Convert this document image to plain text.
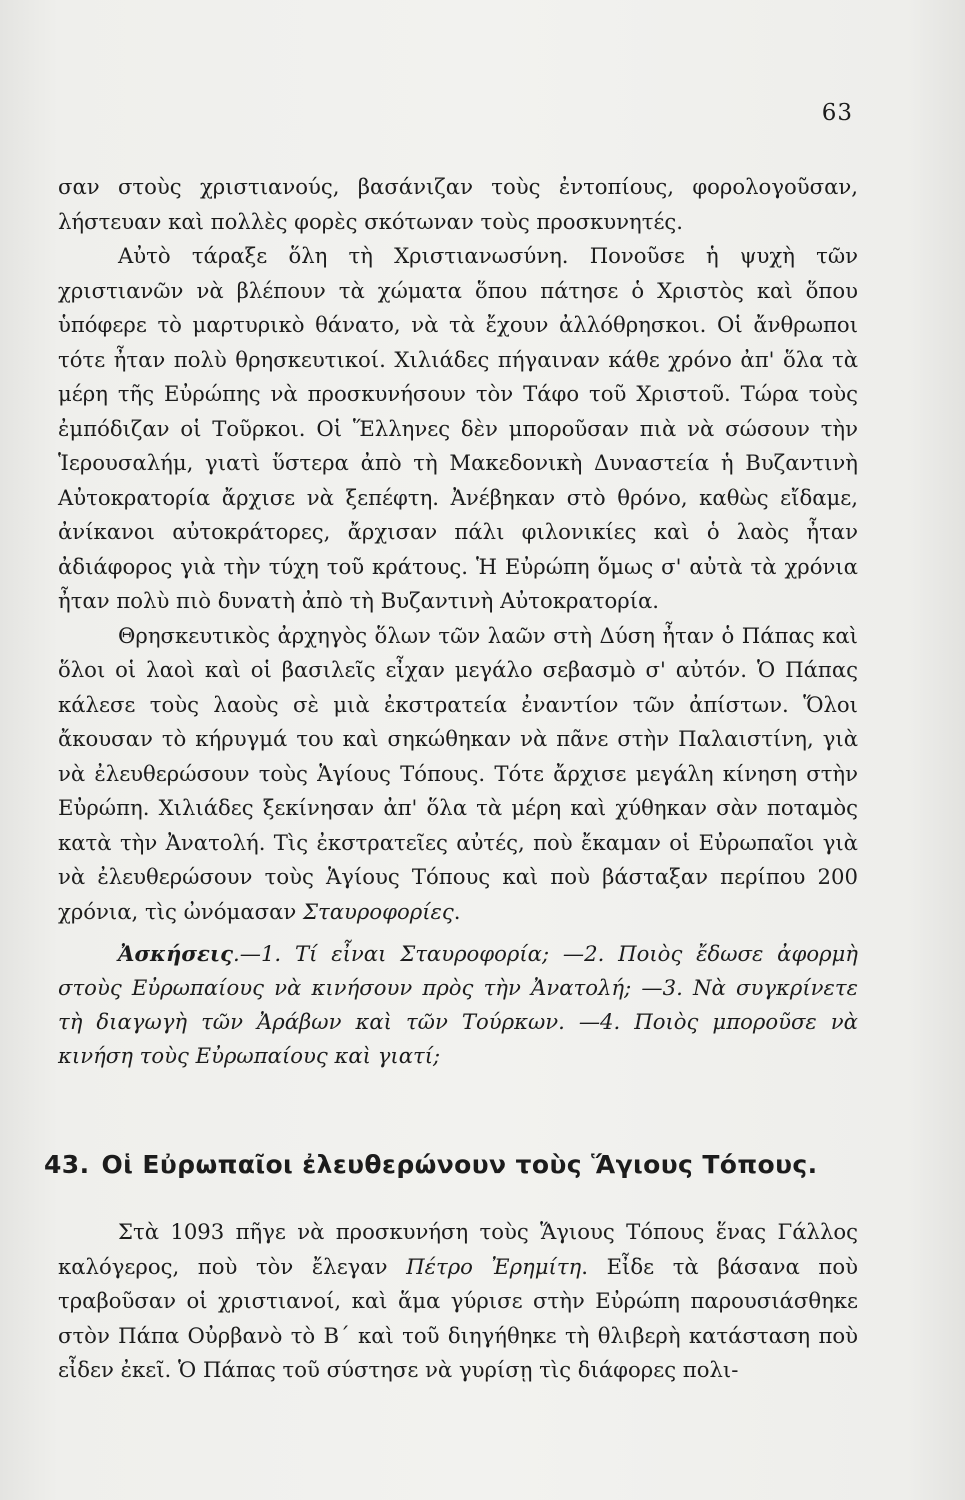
63

σαν στοὺς χριστιανούς, βασάνιζαν τοὺς ἐντοπίους, φορολογοῦσαν, λήστευαν καὶ πολλὲς φορὲς σκότωναν τοὺς προσκυνητές.

Αὐτὸ τάραξε ὅλη τὴ Χριστιανωσύνη. Πονοῦσε ἡ ψυχὴ τῶν χριστιανῶν νὰ βλέπουν τὰ χώματα ὅπου πάτησε ὁ Χριστὸς καὶ ὅπου ὑπόφερε τὸ μαρτυρικὸ θάνατο, νὰ τὰ ἔχουν ἀλλόθρησκοι. Οἱ ἄνθρωποι τότε ἦταν πολὺ θρησκευτικοί. Χιλιάδες πήγαιναν κάθε χρόνο ἀπ' ὅλα τὰ μέρη τῆς Εὐρώπης νὰ προσκυνήσουν τὸν Τάφο τοῦ Χριστοῦ. Τώρα τοὺς ἐμπόδιζαν οἱ Τοῦρκοι. Οἱ Ἕλληνες δὲν μποροῦσαν πιὰ νὰ σώσουν τὴν Ἱερουσαλήμ, γιατὶ ὕστερα ἀπὸ τὴ Μακεδονικὴ Δυναστεία ἡ Βυζαντινὴ Αὐτοκρατορία ἄρχισε νὰ ξεπέφτη. Ἀνέβηκαν στὸ θρόνο, καθὼς εἴδαμε, ἀνίκανοι αὐτοκράτορες, ἄρχισαν πάλι φιλονικίες καὶ ὁ λαὸς ἦταν ἀδιάφορος γιὰ τὴν τύχη τοῦ κράτους. Ἡ Εὐρώπη ὅμως σ' αὐτὰ τὰ χρόνια ἦταν πολὺ πιὸ δυνατὴ ἀπὸ τὴ Βυζαντινὴ Αὐτοκρατορία.

Θρησκευτικὸς ἀρχηγὸς ὅλων τῶν λαῶν στὴ Δύση ἦταν ὁ Πάπας καὶ ὅλοι οἱ λαοὶ καὶ οἱ βασιλεῖς εἶχαν μεγάλο σεβασμὸ σ' αὐτόν. Ὁ Πάπας κάλεσε τοὺς λαοὺς σὲ μιὰ ἐκστρατεία ἐναντίον τῶν ἀπίστων. Ὅλοι ἄκουσαν τὸ κήρυγμά του καὶ σηκώθηκαν νὰ πᾶνε στὴν Παλαιστίνη, γιὰ νὰ ἐλευθερώσουν τοὺς Ἁγίους Τόπους. Τότε ἄρχισε μεγάλη κίνηση στὴν Εὐρώπη. Χιλιάδες ξεκίνησαν ἀπ' ὅλα τὰ μέρη καὶ χύθηκαν σὰν ποταμὸς κατὰ τὴν Ἀνατολή. Τὶς ἐκστρατεῖες αὐτές, ποὺ ἔκαμαν οἱ Εὐρωπαῖοι γιὰ νὰ ἐλευθερώσουν τοὺς Ἁγίους Τόπους καὶ ποὺ βάσταξαν περίπου 200 χρόνια, τὶς ὠνόμασαν Σταυροφορίες.

Ἀσκήσεις.—1. Τί εἶναι Σταυροφορία; —2. Ποιὸς ἔδωσε ἀφορμὴ στοὺς Εὐρωπαίους νὰ κινήσουν πρὸς τὴν Ἀνατολή; —3. Νὰ συγκρίνετε τὴ διαγωγὴ τῶν Ἀράβων καὶ τῶν Τούρκων. —4. Ποιὸς μποροῦσε νὰ κινήση τοὺς Εὐρωπαίους καὶ γιατί;

43. Οἱ Εὐρωπαῖοι ἐλευθερώνουν τοὺς Ἅγιους Τόπους.

Στὰ 1093 πῆγε νὰ προσκυνήση τοὺς Ἅγιους Τόπους ἕνας Γάλλος καλόγερος, ποὺ τὸν ἔλεγαν Πέτρο Ἐρημίτη. Εἶδε τὰ βάσανα ποὺ τραβοῦσαν οἱ χριστιανοί, καὶ ἅμα γύρισε στὴν Εὐρώπη παρουσιάσθηκε στὸν Πάπα Οὐρβανὸ τὸ Β΄ καὶ τοῦ διηγήθηκε τὴ θλιβερὴ κατάσταση ποὺ εἶδεν ἐκεῖ. Ὁ Πάπας τοῦ σύστησε νὰ γυρίσῃ τὶς διάφορες πολι-
